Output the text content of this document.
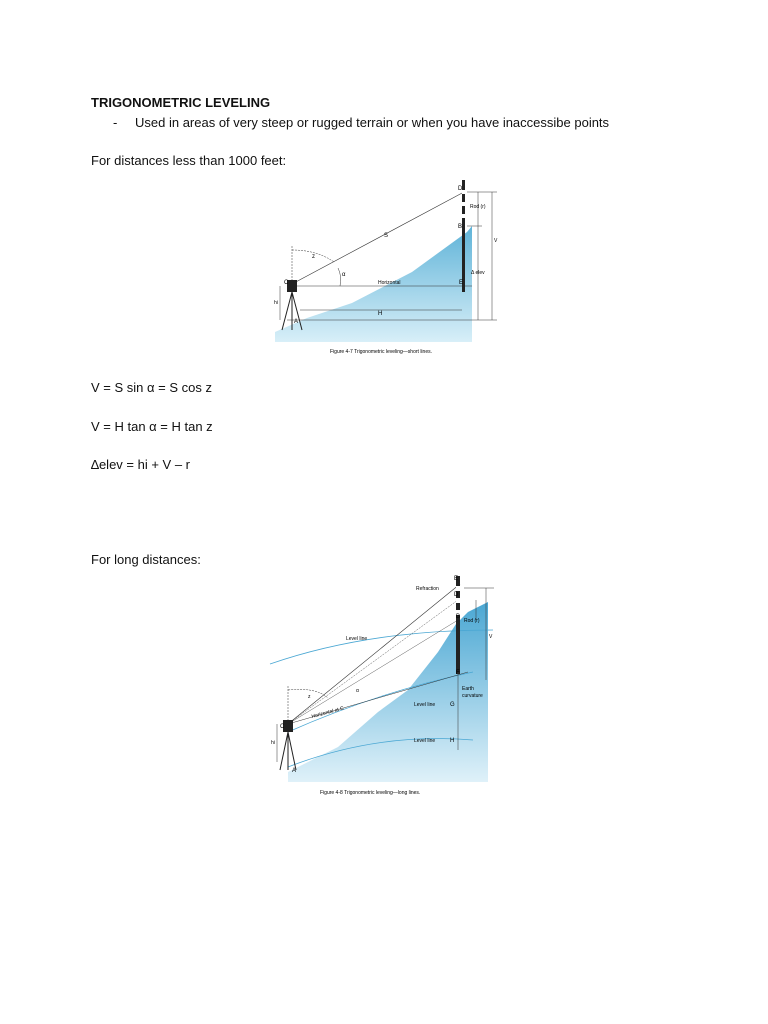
TRIGONOMETRIC LEVELING
- Used in areas of very steep or rugged terrain or when you have inaccessibe points
For distances less than 1000 feet:
D
B
C	E
A
S
z
α
hi
H
V
Rod (r)
Δ elev
Horizontal
Figure 4-7 Trigonometric leveling—short lines.
V = S sin α = S cos z
V = H tan α = H tan z
∆elev = hi + V – r
For long distances:
E
D
B
F
G
H
C
A
Refraction
Rod (r)
Level line
Horizontal at C
Level line
Level line
Earth
curvature
V
z
α
hi
Figure 4-8 Trigonometric leveling—long lines.
